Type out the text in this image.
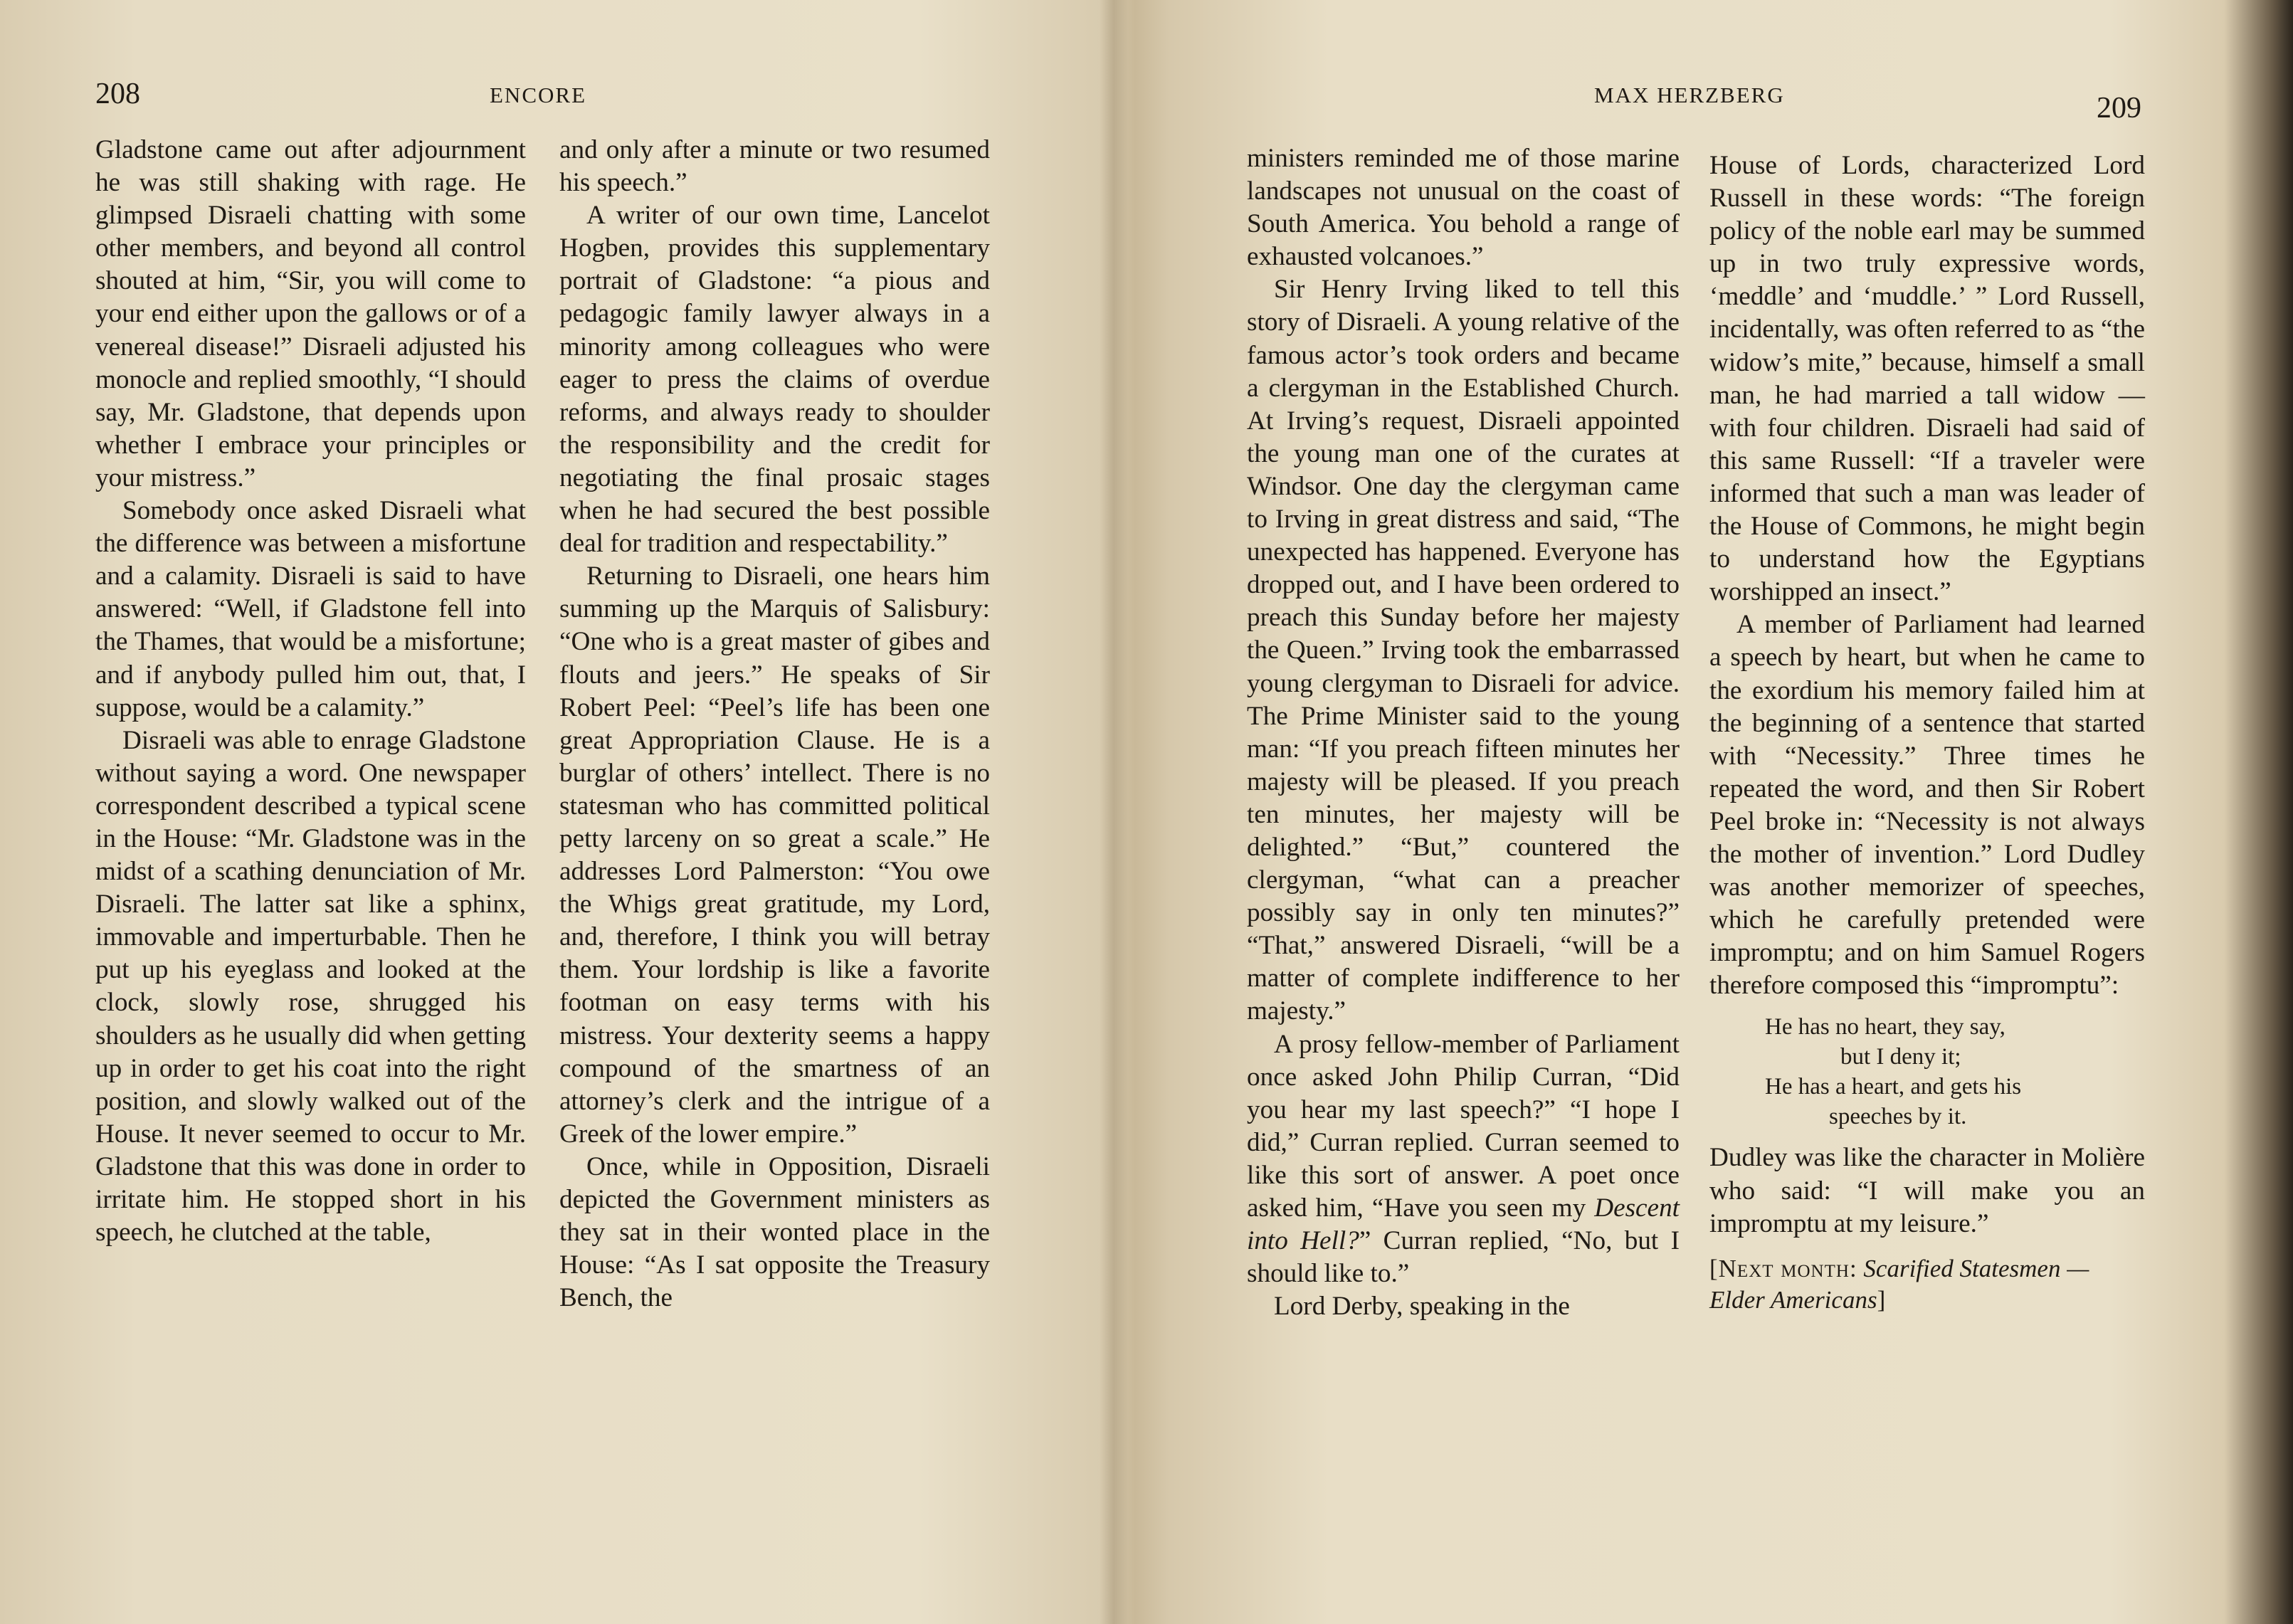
208	ENCORE

Gladstone came out after adjournment he was still shaking with rage. He glimpsed Disraeli chatting with some other members, and beyond all control shouted at him, “Sir, you will come to your end either upon the gallows or of a venereal disease!” Disraeli adjusted his monocle and replied smoothly, “I should say, Mr. Gladstone, that depends upon whether I embrace your principles or your mistress.”

Somebody once asked Disraeli what the difference was between a misfortune and a calamity. Disraeli is said to have answered: “Well, if Gladstone fell into the Thames, that would be a misfortune; and if anybody pulled him out, that, I suppose, would be a calamity.”

Disraeli was able to enrage Gladstone without saying a word. One newspaper correspondent described a typical scene in the House: “Mr. Gladstone was in the midst of a scathing denunciation of Mr. Disraeli. The latter sat like a sphinx, immovable and imperturbable. Then he put up his eyeglass and looked at the clock, slowly rose, shrugged his shoulders as he usually did when getting up in order to get his coat into the right position, and slowly walked out of the House. It never seemed to occur to Mr. Gladstone that this was done in order to irritate him. He stopped short in his speech, he clutched at the table,

and only after a minute or two resumed his speech.”

A writer of our own time, Lancelot Hogben, provides this supplementary portrait of Gladstone: “a pious and pedagogic family lawyer always in a minority among colleagues who were eager to press the claims of overdue reforms, and always ready to shoulder the responsibility and the credit for negotiating the final prosaic stages when he had secured the best possible deal for tradition and respectability.”

Returning to Disraeli, one hears him summing up the Marquis of Salisbury: “One who is a great master of gibes and flouts and jeers.” He speaks of Sir Robert Peel: “Peel’s life has been one great Appropriation Clause. He is a burglar of others’ intellect. There is no statesman who has committed political petty larceny on so great a scale.” He addresses Lord Palmerston: “You owe the Whigs great gratitude, my Lord, and, therefore, I think you will betray them. Your lordship is like a favorite footman on easy terms with his mistress. Your dexterity seems a happy compound of the smartness of an attorney’s clerk and the intrigue of a Greek of the lower empire.”

Once, while in Opposition, Disraeli depicted the Government ministers as they sat in their wonted place in the House: “As I sat opposite the Treasury Bench, the

MAX HERZBERG	209

ministers reminded me of those marine landscapes not unusual on the coast of South America. You behold a range of exhausted volcanoes.”

Sir Henry Irving liked to tell this story of Disraeli. A young relative of the famous actor’s took orders and became a clergyman in the Established Church. At Irving’s request, Disraeli appointed the young man one of the curates at Windsor. One day the clergyman came to Irving in great distress and said, “The unexpected has happened. Everyone has dropped out, and I have been ordered to preach this Sunday before her majesty the Queen.” Irving took the embarrassed young clergyman to Disraeli for advice. The Prime Minister said to the young man: “If you preach fifteen minutes her majesty will be pleased. If you preach ten minutes, her majesty will be delighted.” “But,” countered the clergyman, “what can a preacher possibly say in only ten minutes?” “That,” answered Disraeli, “will be a matter of complete indifference to her majesty.”

A prosy fellow-member of Parliament once asked John Philip Curran, “Did you hear my last speech?” “I hope I did,” Curran replied. Curran seemed to like this sort of answer. A poet once asked him, “Have you seen my Descent into Hell?” Curran replied, “No, but I should like to.”

Lord Derby, speaking in the

House of Lords, characterized Lord Russell in these words: “The foreign policy of the noble earl may be summed up in two truly expressive words, ‘meddle’ and ‘muddle.’ ” Lord Russell, incidentally, was often referred to as “the widow’s mite,” because, himself a small man, he had married a tall widow — with four children. Disraeli had said of this same Russell: “If a traveler were informed that such a man was leader of the House of Commons, he might begin to understand how the Egyptians worshipped an insect.”

A member of Parliament had learned a speech by heart, but when he came to the exordium his memory failed him at the beginning of a sentence that started with “Necessity.” Three times he repeated the word, and then Sir Robert Peel broke in: “Necessity is not always the mother of invention.” Lord Dudley was another memorizer of speeches, which he carefully pretended were impromptu; and on him Samuel Rogers therefore composed this “impromptu”:

He has no heart, they say,
but I deny it;
He has a heart, and gets his
speeches by it.

Dudley was like the character in Molière who said: “I will make you an impromptu at my leisure.”

[Next month: Scarified Statesmen — Elder Americans]
